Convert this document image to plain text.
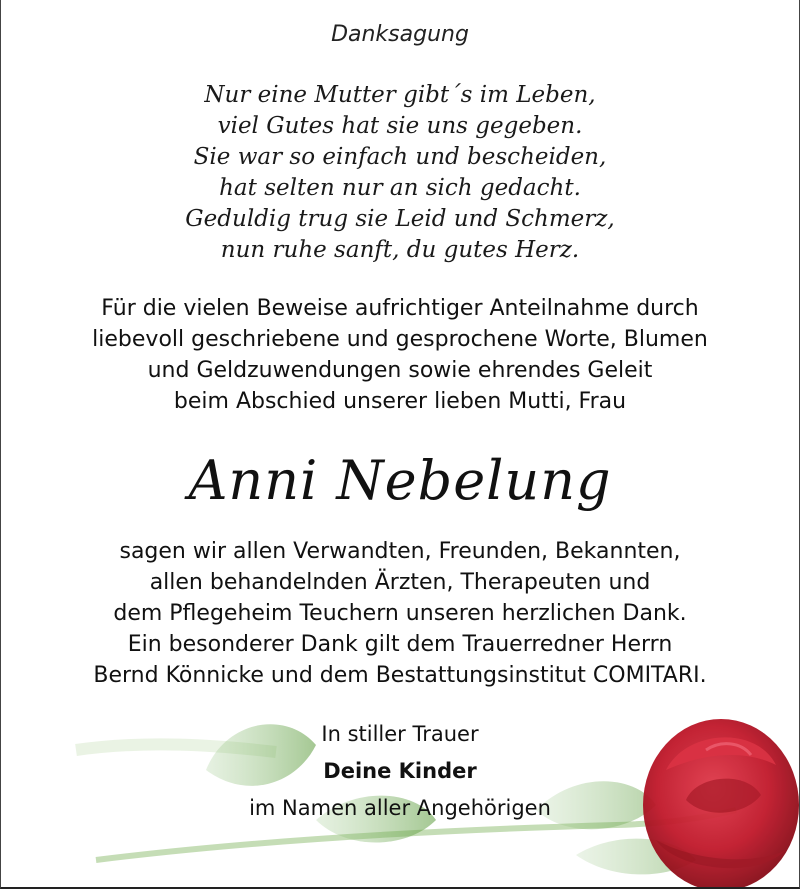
Danksagung
Nur eine Mutter gibt´s im Leben,
viel Gutes hat sie uns gegeben.
Sie war so einfach und bescheiden,
hat selten nur an sich gedacht.
Geduldig trug sie Leid und Schmerz,
nun ruhe sanft, du gutes Herz.
Für die vielen Beweise aufrichtiger Anteilnahme durch
liebevoll geschriebene und gesprochene Worte, Blumen
und Geldzuwendungen sowie ehrendes Geleit
beim Abschied unserer lieben Mutti, Frau
Anni Nebelung
sagen wir allen Verwandten, Freunden, Bekannten,
allen behandelnden Ärzten, Therapeuten und
dem Pflegeheim Teuchern unseren herzlichen Dank.
Ein besonderer Dank gilt dem Trauerredner Herrn
Bernd Könnicke und dem Bestattungsinstitut COMITARI.
In stiller Trauer
Deine Kinder
im Namen aller Angehörigen
